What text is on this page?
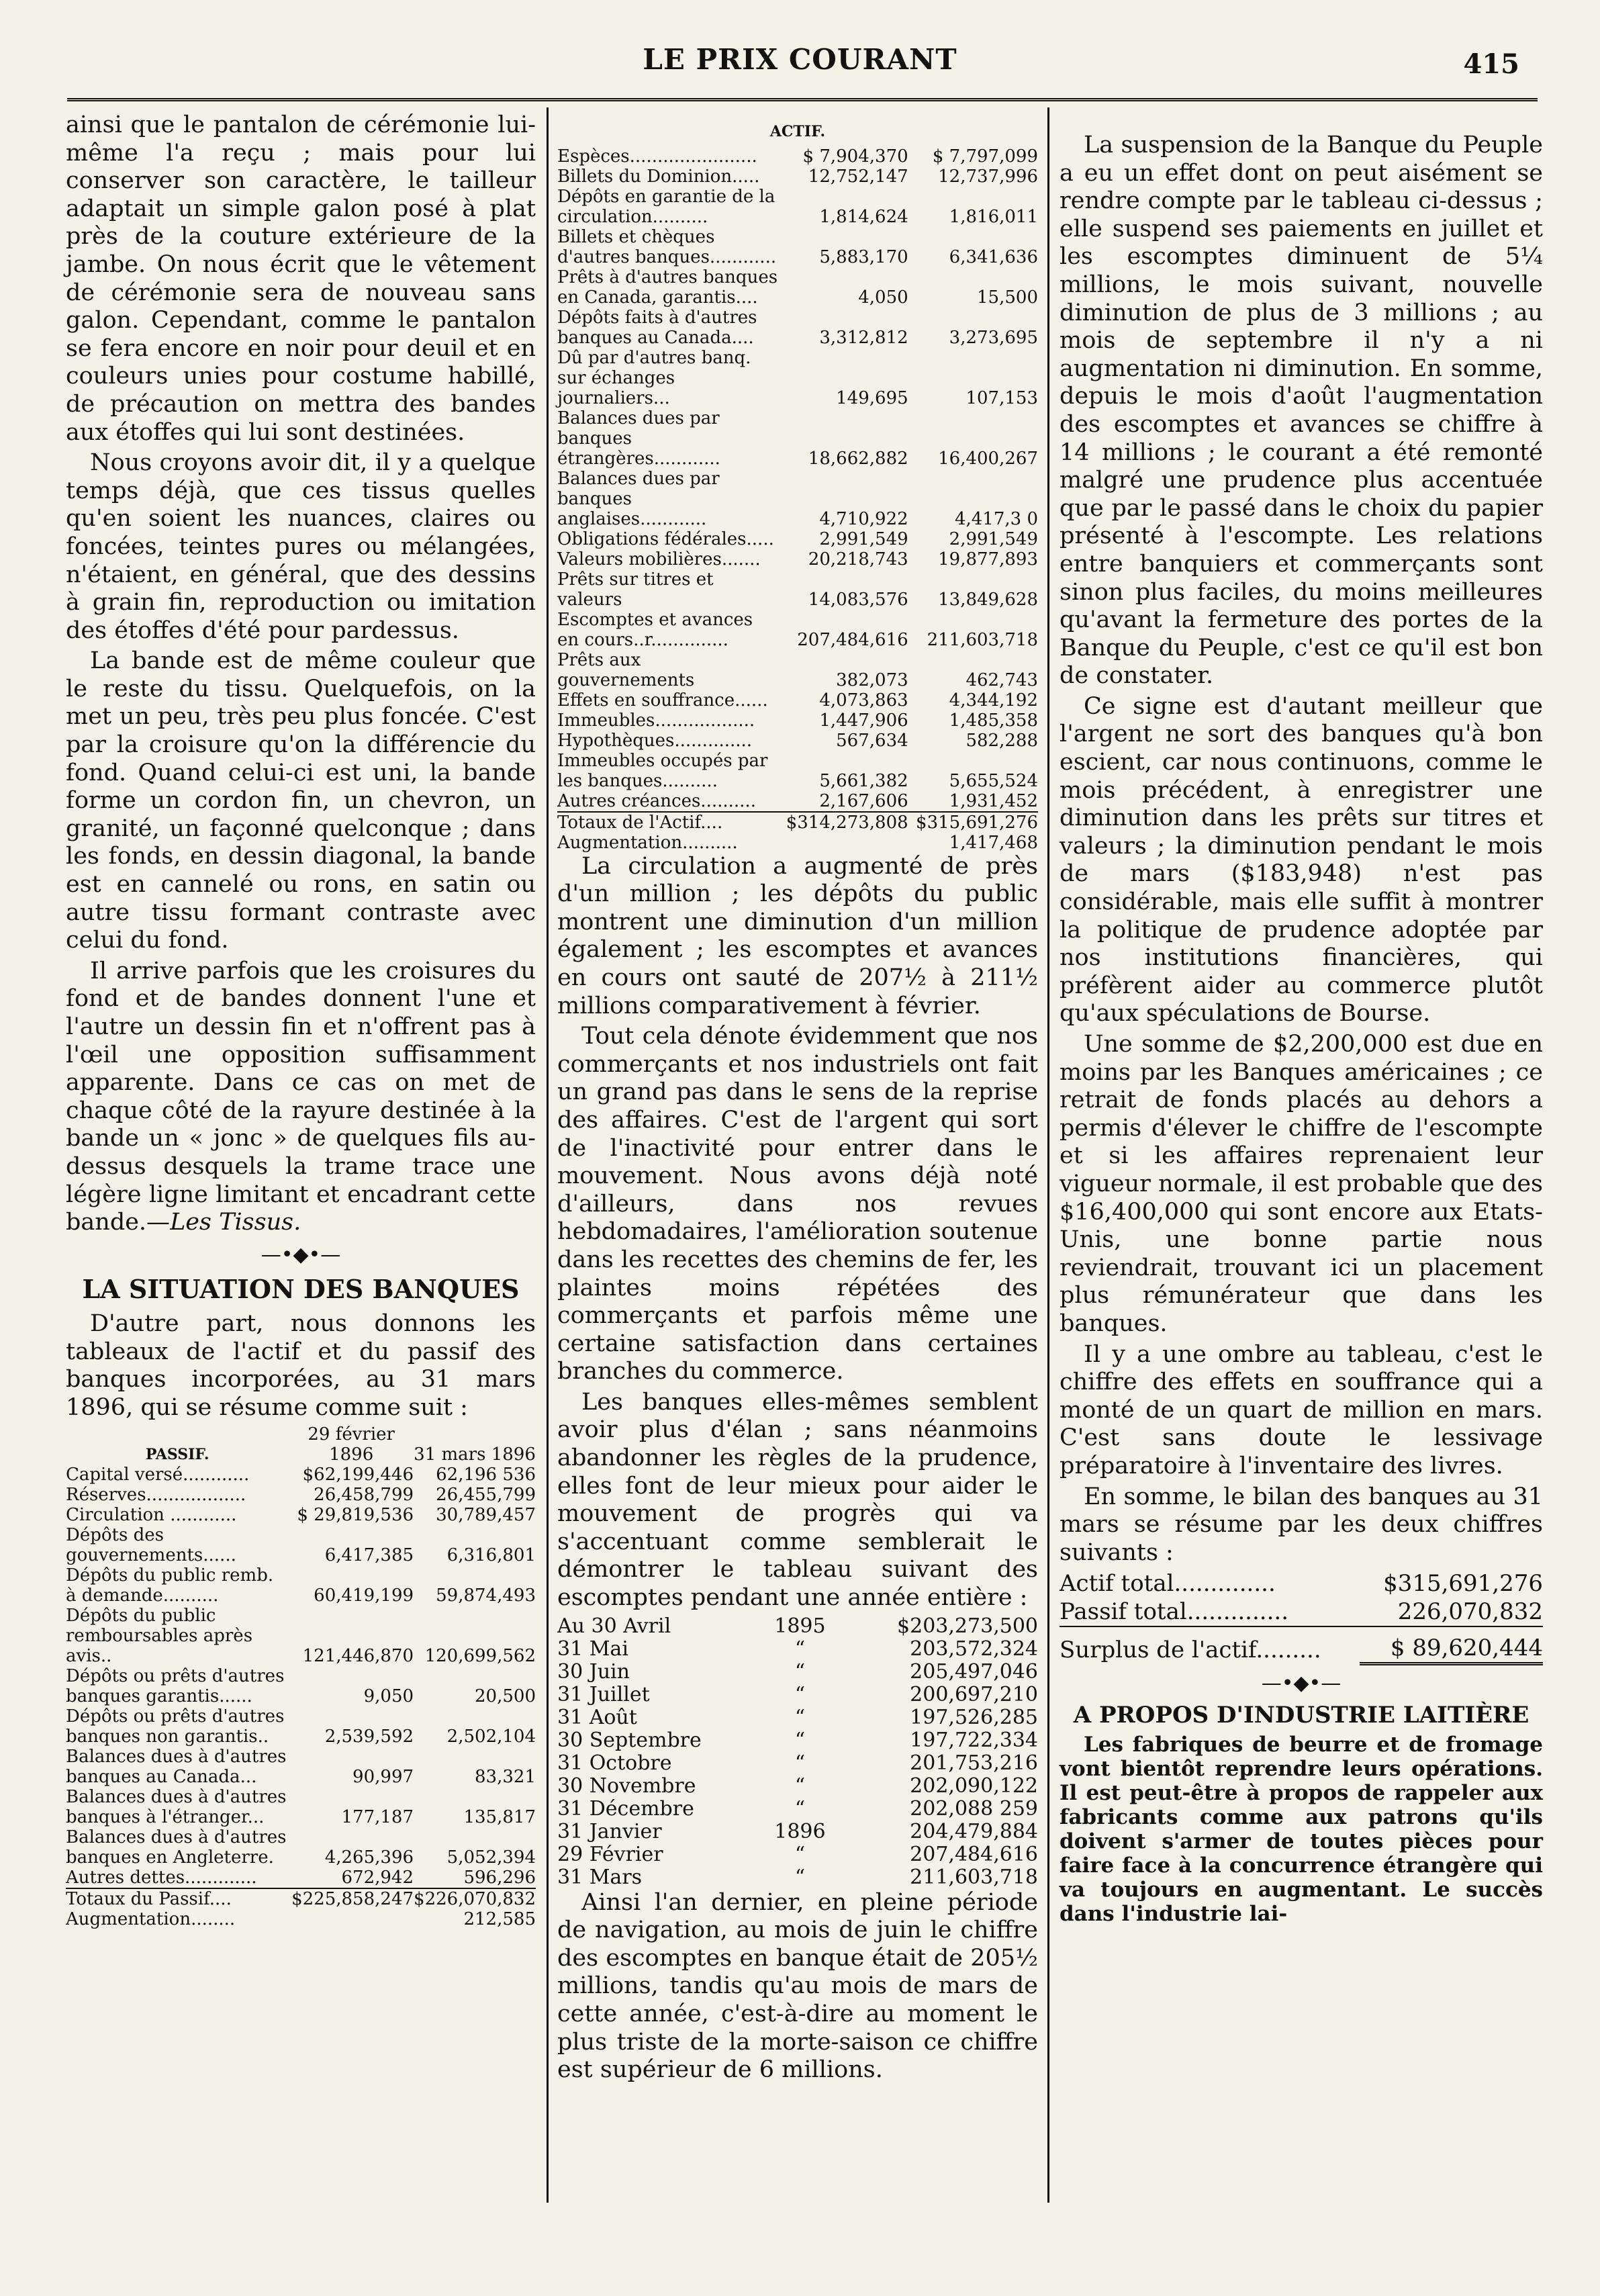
LE PRIX COURANT	415

ainsi que le pantalon de cérémonie lui-même l'a reçu ; mais pour lui conserver son caractère, le tailleur adaptait un simple galon posé à plat près de la couture extérieure de la jambe. On nous écrit que le vêtement de cérémonie sera de nouveau sans galon. Cependant, comme le pantalon se fera encore en noir pour deuil et en couleurs unies pour costume habillé, de précaution on mettra des bandes aux étoffes qui lui sont destinées.

Nous croyons avoir dit, il y a quelque temps déjà, que ces tissus quelles qu'en soient les nuances, claires ou foncées, teintes pures ou mélangées, n'étaient, en général, que des dessins à grain fin, reproduction ou imitation des étoffes d'été pour pardessus.

La bande est de même couleur que le reste du tissu. Quelquefois, on la met un peu, très peu plus foncée. C'est par la croisure qu'on la différencie du fond. Quand celui-ci est uni, la bande forme un cordon fin, un chevron, un granité, un façonné quelconque ; dans les fonds, en dessin diagonal, la bande est en cannelé ou rons, en satin ou autre tissu formant contraste avec celui du fond.

Il arrive parfois que les croisures du fond et de bandes donnent l'une et l'autre un dessin fin et n'offrent pas à l'œil une opposition suffisamment apparente. Dans ce cas on met de chaque côté de la rayure destinée à la bande un « jonc » de quelques fils au-dessus desquels la trame trace une légère ligne limitant et encadrant cette bande.—Les Tissus.

—•◆•—
LA SITUATION DES BANQUES

D'autre part, nous donnons les tableaux de l'actif et du passif des banques incorporées, au 31 mars 1896, qui se résume comme suit :

PASSIF.	29 février 1896	31 mars 1896
Capital versé............	$62,199,446	62,196 536
Réserves..................	26,458,799	26,455,799
Circulation ............	$ 29,819,536	30,789,457
Dépôts des gouvernements......	6,417,385	6,316,801
Dépôts du public remb. à demande..........	60,419,199	59,874,493
Dépôts du public remboursables après avis..	121,446,870	120,699,562
Dépôts ou prêts d'autres banques garantis......	9,050	20,500
Dépôts ou prêts d'autres banques non garantis..	2,539,592	2,502,104
Balances dues à d'autres banques au Canada...	90,997	83,321
Balances dues à d'autres banques à l'étranger...	177,187	135,817
Balances dues à d'autres banques en Angleterre.	4,265,396	5,052,394
Autres dettes.............	672,942	596,296
Totaux du Passif....	$225,858,247	$226,070,832
Augmentation........		212,585
ACTIF.
Espèces.......................	$ 7,904,370	$ 7,797,099
Billets du Dominion.....	12,752,147	12,737,996
Dépôts en garantie de la circulation..........	1,814,624	1,816,011
Billets et chèques d'autres banques............	5,883,170	6,341,636
Prêts à d'autres banques en Canada, garantis....	4,050	15,500
Dépôts faits à d'autres banques au Canada....	3,312,812	3,273,695
Dû par d'autres banq. sur échanges journaliers...	149,695	107,153
Balances dues par banques étrangères............	18,662,882	16,400,267
Balances dues par banques anglaises............	4,710,922	4,417,3 0
Obligations fédérales.....	2,991,549	2,991,549
Valeurs mobilières.......	20,218,743	19,877,893
Prêts sur titres et valeurs	14,083,576	13,849,628
Escomptes et avances en cours..r..............	207,484,616	211,603,718
Prêts aux gouvernements	382,073	462,743
Effets en souffrance......	4,073,863	4,344,192
Immeubles..................	1,447,906	1,485,358
Hypothèques..............	567,634	582,288
Immeubles occupés par les banques..........	5,661,382	5,655,524
Autres créances..........	2,167,606	1,931,452
Totaux de l'Actif....	$314,273,808	$315,691,276
Augmentation..........		1,417,468

La circulation a augmenté de près d'un million ; les dépôts du public montrent une diminution d'un million également ; les escomptes et avances en cours ont sauté de 207½ à 211½ millions comparativement à février.

Tout cela dénote évidemment que nos commerçants et nos industriels ont fait un grand pas dans le sens de la reprise des affaires. C'est de l'argent qui sort de l'inactivité pour entrer dans le mouvement. Nous avons déjà noté d'ailleurs, dans nos revues hebdomadaires, l'amélioration soutenue dans les recettes des chemins de fer, les plaintes moins répétées des commerçants et parfois même une certaine satisfaction dans certaines branches du commerce.

Les banques elles-mêmes semblent avoir plus d'élan ; sans néanmoins abandonner les règles de la prudence, elles font de leur mieux pour aider le mouvement de progrès qui va s'accentuant comme semblerait le démontrer le tableau suivant des escomptes pendant une année entière :

Au 30 Avril	1895	$203,273,500
31 Mai	“	203,572,324
30 Juin	“	205,497,046
31 Juillet	“	200,697,210
31 Août	“	197,526,285
30 Septembre	“	197,722,334
31 Octobre	“	201,753,216
30 Novembre	“	202,090,122
31 Décembre	“	202,088 259
31 Janvier	1896	204,479,884
29 Février	“	207,484,616
31 Mars	“	211,603,718

Ainsi l'an dernier, en pleine période de navigation, au mois de juin le chiffre des escomptes en banque était de 205½ millions, tandis qu'au mois de mars de cette année, c'est-à-dire au moment le plus triste de la morte-saison ce chiffre est supérieur de 6 millions.

La suspension de la Banque du Peuple a eu un effet dont on peut aisément se rendre compte par le tableau ci-dessus ; elle suspend ses paiements en juillet et les escomptes diminuent de 5¼ millions, le mois suivant, nouvelle diminution de plus de 3 millions ; au mois de septembre il n'y a ni augmentation ni diminution. En somme, depuis le mois d'août l'augmentation des escomptes et avances se chiffre à 14 millions ; le courant a été remonté malgré une prudence plus accentuée que par le passé dans le choix du papier présenté à l'escompte. Les relations entre banquiers et commerçants sont sinon plus faciles, du moins meilleures qu'avant la fermeture des portes de la Banque du Peuple, c'est ce qu'il est bon de constater.

Ce signe est d'autant meilleur que l'argent ne sort des banques qu'à bon escient, car nous continuons, comme le mois précédent, à enregistrer une diminution dans les prêts sur titres et valeurs ; la diminution pendant le mois de mars ($183,948) n'est pas considérable, mais elle suffit à montrer la politique de prudence adoptée par nos institutions financières, qui préfèrent aider au commerce plutôt qu'aux spéculations de Bourse.

Une somme de $2,200,000 est due en moins par les Banques américaines ; ce retrait de fonds placés au dehors a permis d'élever le chiffre de l'escompte et si les affaires reprenaient leur vigueur normale, il est probable que des $16,400,000 qui sont encore aux Etats-Unis, une bonne partie nous reviendrait, trouvant ici un placement plus rémunérateur que dans les banques.

Il y a une ombre au tableau, c'est le chiffre des effets en souffrance qui a monté de un quart de million en mars. C'est sans doute le lessivage préparatoire à l'inventaire des livres.

En somme, le bilan des banques au 31 mars se résume par les deux chiffres suivants :

Actif total..............	$315,691,276
Passif total..............	226,070,832
Surplus de l'actif.........	$ 89,620,444
—•◆•—
A PROPOS D'INDUSTRIE LAITIÈRE

Les fabriques de beurre et de fromage vont bientôt reprendre leurs opérations. Il est peut-être à propos de rappeler aux fabricants comme aux patrons qu'ils doivent s'armer de toutes pièces pour faire face à la concurrence étrangère qui va toujours en augmentant. Le succès dans l'industrie lai-
